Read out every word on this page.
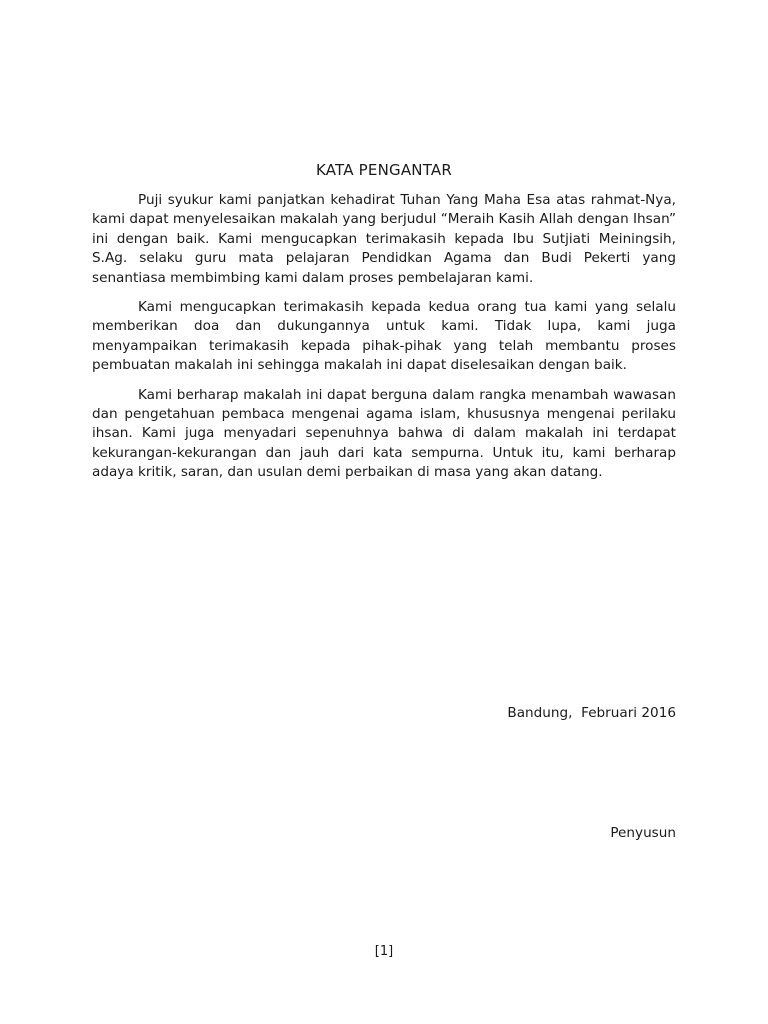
KATA PENGANTAR

Puji syukur kami panjatkan kehadirat Tuhan Yang Maha Esa atas rahmat-Nya, kami dapat menyelesaikan makalah yang berjudul “Meraih Kasih Allah dengan Ihsan” ini dengan baik. Kami mengucapkan terimakasih kepada Ibu Sutjiati Meiningsih, S.Ag. selaku guru mata pelajaran Pendidkan Agama dan Budi Pekerti yang senantiasa membimbing kami dalam proses pembelajaran kami.

Kami mengucapkan terimakasih kepada kedua orang tua kami yang selalu memberikan doa dan dukungannya untuk kami. Tidak lupa, kami juga menyampaikan terimakasih kepada pihak-pihak yang telah membantu proses pembuatan makalah ini sehingga makalah ini dapat diselesaikan dengan baik.

Kami berharap makalah ini dapat berguna dalam rangka menambah wawasan dan pengetahuan pembaca mengenai agama islam, khususnya mengenai perilaku ihsan. Kami juga menyadari sepenuhnya bahwa di dalam makalah ini terdapat kekurangan-kekurangan dan jauh dari kata sempurna. Untuk itu, kami berharap adaya kritik, saran, dan usulan demi perbaikan di masa yang akan datang.

Bandung,  Februari 2016
Penyusun
[1]
